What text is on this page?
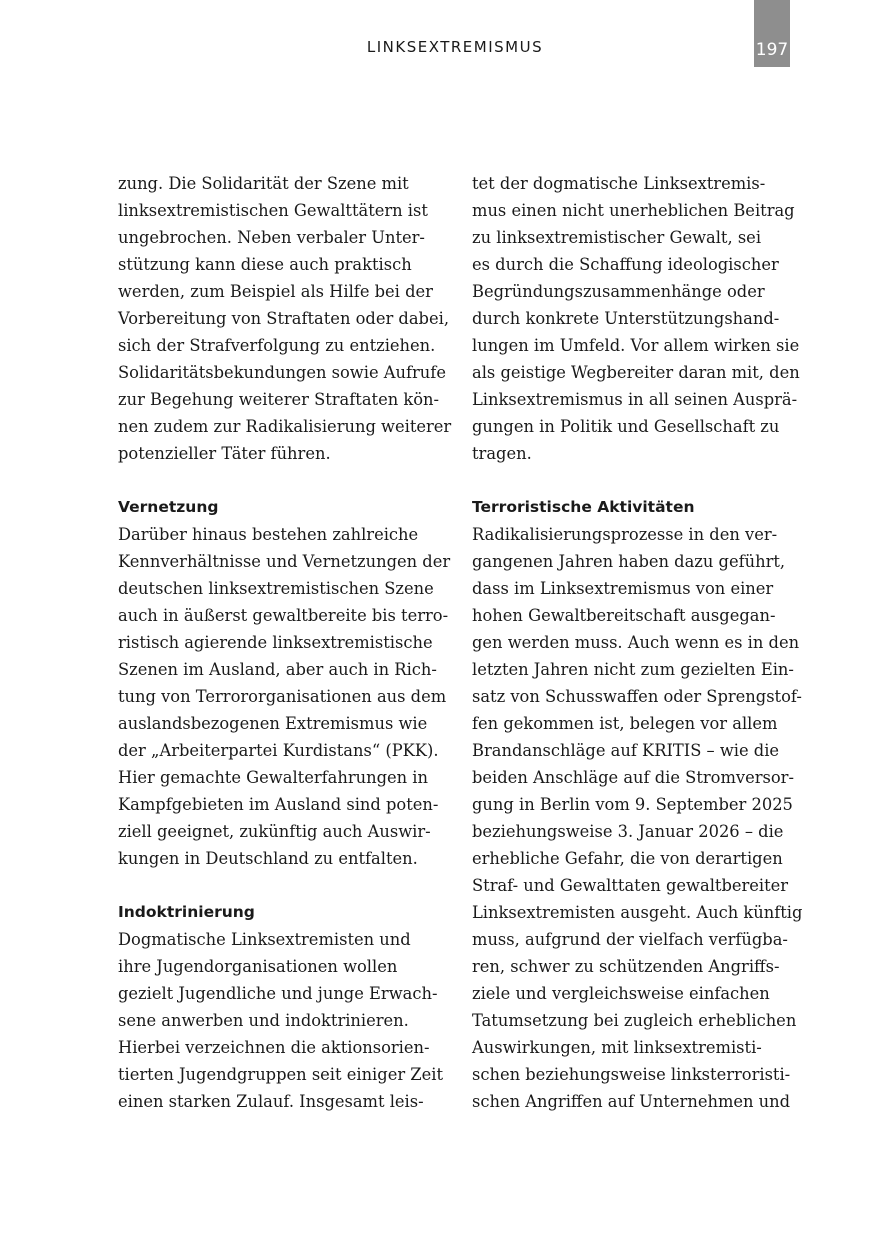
LINKSEXTREMISMUS	197
zung. Die Solidarität der Szene mit
linksextremistischen Gewalttätern ist
ungebrochen. Neben verbaler Unter-
stützung kann diese auch praktisch
werden, zum Beispiel als Hilfe bei der
Vorbereitung von Straftaten oder dabei,
sich der Strafverfolgung zu entziehen.
Solidaritätsbekundungen sowie Aufrufe
zur Begehung weiterer Straftaten kön-
nen zudem zur Radikalisierung weiterer
potenzieller Täter führen.
Vernetzung
Darüber hinaus bestehen zahlreiche
Kennverhältnisse und Vernetzungen der
deutschen linksextremistischen Szene
auch in äußerst gewaltbereite bis terro-
ristisch agierende linksextremistische
Szenen im Ausland, aber auch in Rich-
tung von Terrororganisationen aus dem
auslandsbezogenen Extremismus wie
der „Arbeiterpartei Kurdistans“ (PKK).
Hier gemachte Gewalterfahrungen in
Kampfgebieten im Ausland sind poten-
ziell geeignet, zukünftig auch Auswir-
kungen in Deutschland zu entfalten.
Indoktrinierung
Dogmatische Linksextremisten und
ihre Jugendorganisationen wollen
gezielt Jugendliche und junge Erwach-
sene anwerben und indoktrinieren.
Hierbei verzeichnen die aktionsorien-
tierten Jugendgruppen seit einiger Zeit
einen starken Zulauf. Insgesamt leis-
tet der dogmatische Linksextremis-
mus einen nicht unerheblichen Beitrag
zu linksextremistischer Gewalt, sei
es durch die Schaffung ideologischer
Begründungszusammenhänge oder
durch konkrete Unterstützungshand-
lungen im Umfeld. Vor allem wirken sie
als geistige Wegbereiter daran mit, den
Linksextremismus in all seinen Ausprä-
gungen in Politik und Gesellschaft zu
tragen.
Terroristische Aktivitäten
Radikalisierungsprozesse in den ver-
gangenen Jahren haben dazu geführt,
dass im Linksextremismus von einer
hohen Gewaltbereitschaft ausgegan-
gen werden muss. Auch wenn es in den
letzten Jahren nicht zum gezielten Ein-
satz von Schusswaffen oder Sprengstof-
fen gekommen ist, belegen vor allem
Brandanschläge auf KRITIS – wie die
beiden Anschläge auf die Stromversor-
gung in Berlin vom 9. September 2025
beziehungsweise 3. Januar 2026 – die
erhebliche Gefahr, die von derartigen
Straf- und Gewalttaten gewaltbereiter
Linksextremisten ausgeht. Auch künftig
muss, aufgrund der vielfach verfügba-
ren, schwer zu schützenden Angriffs-
ziele und vergleichsweise einfachen
Tatumsetzung bei zugleich erheblichen
Auswirkungen, mit linksextremisti-
schen beziehungsweise linksterroristi-
schen Angriffen auf Unternehmen und
